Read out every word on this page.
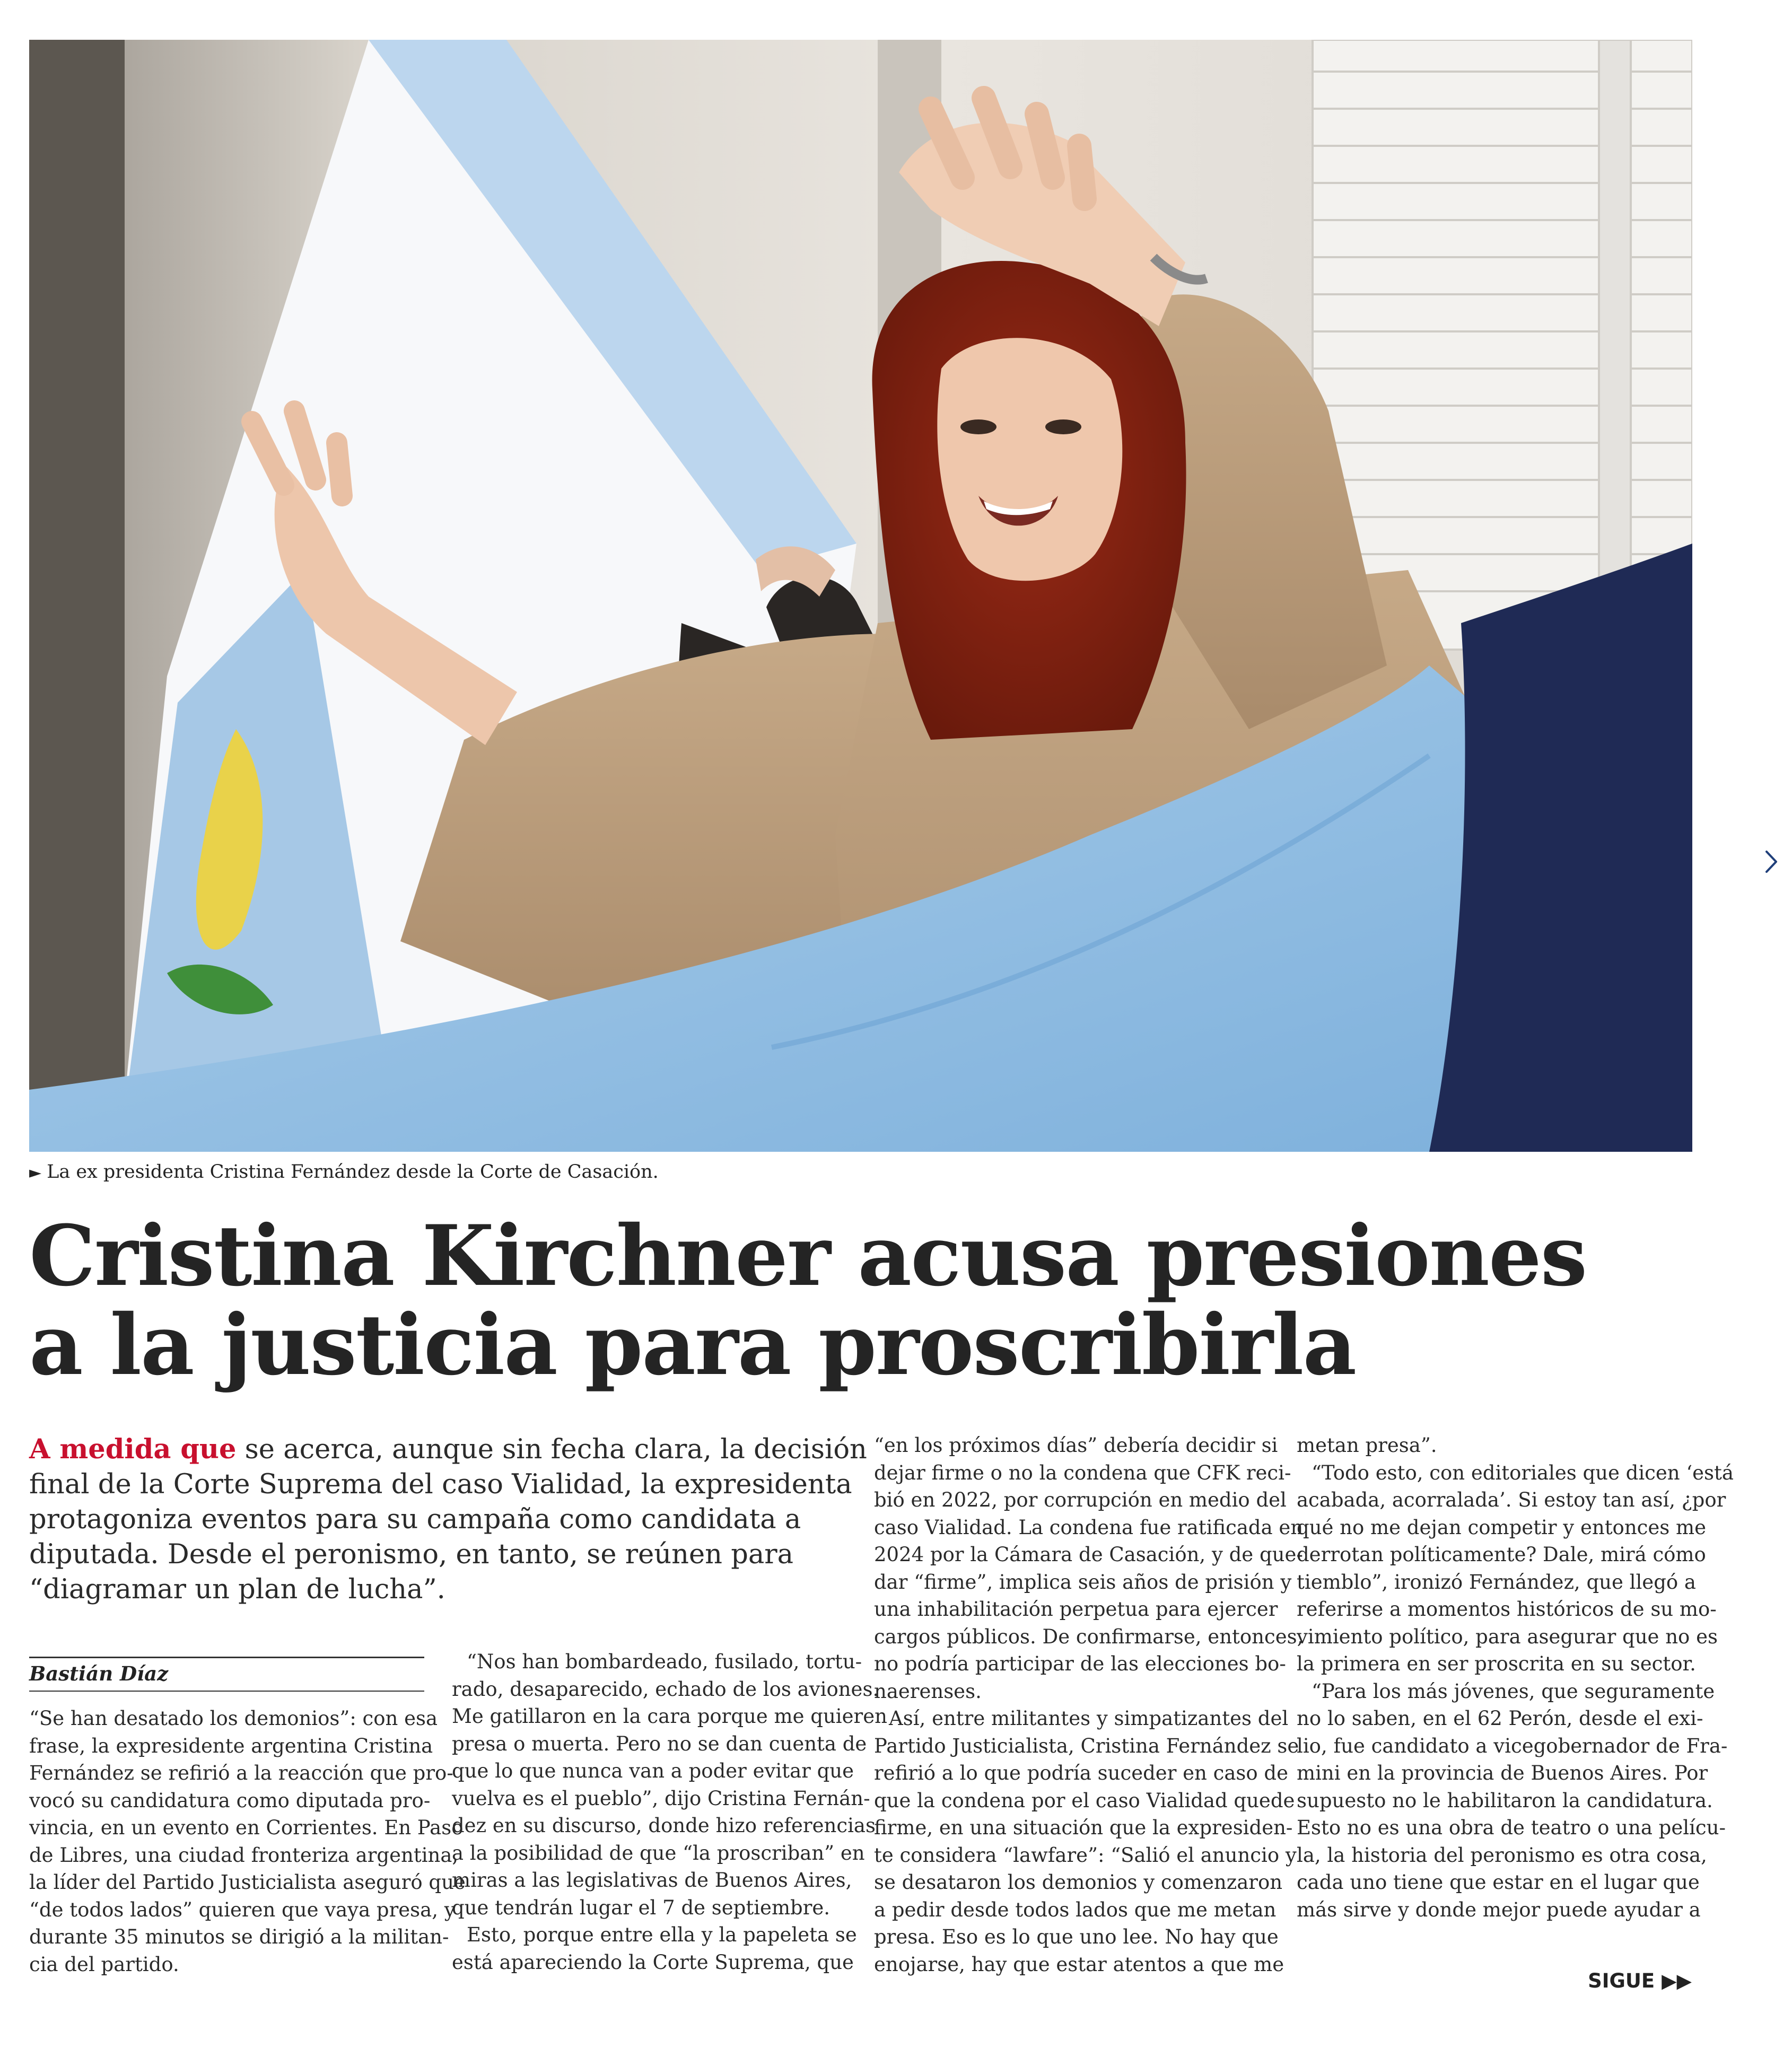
► La ex presidenta Cristina Fernández desde la Corte de Casación.
Cristina Kirchner acusa presiones
a la justicia para proscribirla
A medida que se acerca, aunque sin fecha clara, la decisión
final de la Corte Suprema del caso Vialidad, la expresidenta
protagoniza eventos para su campaña como candidata a
diputada. Desde el peronismo, en tanto, se reúnen para
“diagramar un plan de lucha”.
Bastián Díaz
“Se han desatado los demonios”: con esa
frase, la expresidente argentina Cristina
Fernández se refirió a la reacción que pro-
vocó su candidatura como diputada pro-
vincia, en un evento en Corrientes. En Paso
de Libres, una ciudad fronteriza argentina,
la líder del Partido Justicialista aseguró que
“de todos lados” quieren que vaya presa, y
durante 35 minutos se dirigió a la militan-
cia del partido.
“Nos han bombardeado, fusilado, tortu-
rado, desaparecido, echado de los aviones.
Me gatillaron en la cara porque me quieren
presa o muerta. Pero no se dan cuenta de
que lo que nunca van a poder evitar que
vuelva es el pueblo”, dijo Cristina Fernán-
dez en su discurso, donde hizo referencias
a la posibilidad de que “la proscriban” en
miras a las legislativas de Buenos Aires,
que tendrán lugar el 7 de septiembre.
Esto, porque entre ella y la papeleta se
está apareciendo la Corte Suprema, que
“en los próximos días” debería decidir si
dejar firme o no la condena que CFK reci-
bió en 2022, por corrupción en medio del
caso Vialidad. La condena fue ratificada en
2024 por la Cámara de Casación, y de que-
dar “firme”, implica seis años de prisión y
una inhabilitación perpetua para ejercer
cargos públicos. De confirmarse, entonces,
no podría participar de las elecciones bo-
naerenses.
Así, entre militantes y simpatizantes del
Partido Justicialista, Cristina Fernández se
refirió a lo que podría suceder en caso de
que la condena por el caso Vialidad quede
firme, en una situación que la expresiden-
te considera “lawfare”: “Salió el anuncio y
se desataron los demonios y comenzaron
a pedir desde todos lados que me metan
presa. Eso es lo que uno lee. No hay que
enojarse, hay que estar atentos a que me
metan presa”.
“Todo esto, con editoriales que dicen ‘está
acabada, acorralada’. Si estoy tan así, ¿por
qué no me dejan competir y entonces me
derrotan políticamente? Dale, mirá cómo
tiemblo”, ironizó Fernández, que llegó a
referirse a momentos históricos de su mo-
vimiento político, para asegurar que no es
la primera en ser proscrita en su sector.
“Para los más jóvenes, que seguramente
no lo saben, en el 62 Perón, desde el exi-
lio, fue candidato a vicegobernador de Fra-
mini en la provincia de Buenos Aires. Por
supuesto no le habilitaron la candidatura.
Esto no es una obra de teatro o una pelícu-
la, la historia del peronismo es otra cosa,
cada uno tiene que estar en el lugar que
más sirve y donde mejor puede ayudar a
SIGUE ▶▶
